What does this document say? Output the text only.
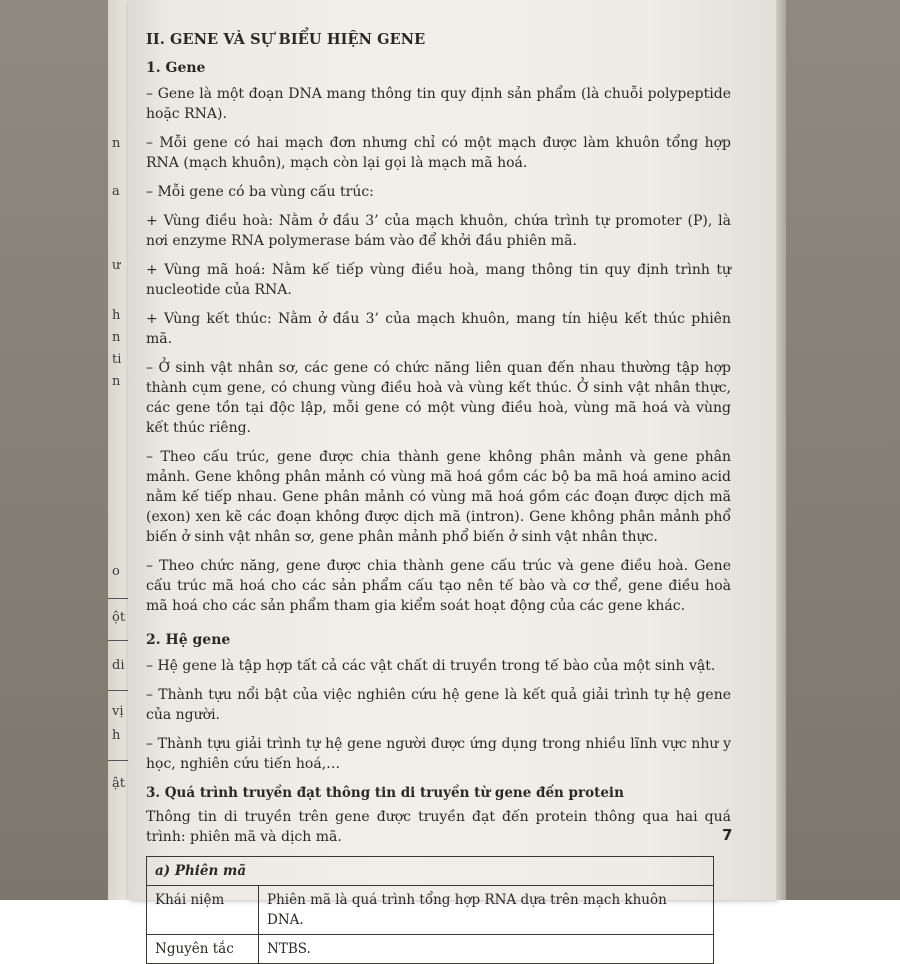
n
a
ư
h
n
ti
n
o
ột
di
vị
h
ật
II. GENE VÀ SỰ BIỂU HIỆN GENE
1. Gene
– Gene là một đoạn DNA mang thông tin quy định sản phẩm (là chuỗi polypeptide hoặc RNA).
– Mỗi gene có hai mạch đơn nhưng chỉ có một mạch được làm khuôn tổng hợp RNA (mạch khuôn), mạch còn lại gọi là mạch mã hoá.
– Mỗi gene có ba vùng cấu trúc:
+ Vùng điều hoà: Nằm ở đầu 3’ của mạch khuôn, chứa trình tự promoter (P), là nơi enzyme RNA polymerase bám vào để khởi đầu phiên mã.
+ Vùng mã hoá: Nằm kế tiếp vùng điều hoà, mang thông tin quy định trình tự nucleotide của RNA.
+ Vùng kết thúc: Nằm ở đầu 3’ của mạch khuôn, mang tín hiệu kết thúc phiên mã.
– Ở sinh vật nhân sơ, các gene có chức năng liên quan đến nhau thường tập hợp thành cụm gene, có chung vùng điều hoà và vùng kết thúc. Ở sinh vật nhân thực, các gene tồn tại độc lập, mỗi gene có một vùng điều hoà, vùng mã hoá và vùng kết thúc riêng.
– Theo cấu trúc, gene được chia thành gene không phân mảnh và gene phân mảnh. Gene không phân mảnh có vùng mã hoá gồm các bộ ba mã hoá amino acid nằm kế tiếp nhau. Gene phân mảnh có vùng mã hoá gồm các đoạn được dịch mã (exon) xen kẽ các đoạn không được dịch mã (intron). Gene không phân mảnh phổ biến ở sinh vật nhân sơ, gene phân mảnh phổ biến ở sinh vật nhân thực.
– Theo chức năng, gene được chia thành gene cấu trúc và gene điều hoà. Gene cấu trúc mã hoá cho các sản phẩm cấu tạo nên tế bào và cơ thể, gene điều hoà mã hoá cho các sản phẩm tham gia kiểm soát hoạt động của các gene khác.
2. Hệ gene
– Hệ gene là tập hợp tất cả các vật chất di truyền trong tế bào của một sinh vật.
– Thành tựu nổi bật của việc nghiên cứu hệ gene là kết quả giải trình tự hệ gene của người.
– Thành tựu giải trình tự hệ gene người được ứng dụng trong nhiều lĩnh vực như y học, nghiên cứu tiến hoá,…
3. Quá trình truyền đạt thông tin di truyền từ gene đến protein
Thông tin di truyền trên gene được truyền đạt đến protein thông qua hai quá trình: phiên mã và dịch mã.
a) Phiên mã	
Khái niệm	Phiên mã là quá trình tổng hợp RNA dựa trên mạch khuôn DNA.
Nguyên tắc	NTBS.
7
